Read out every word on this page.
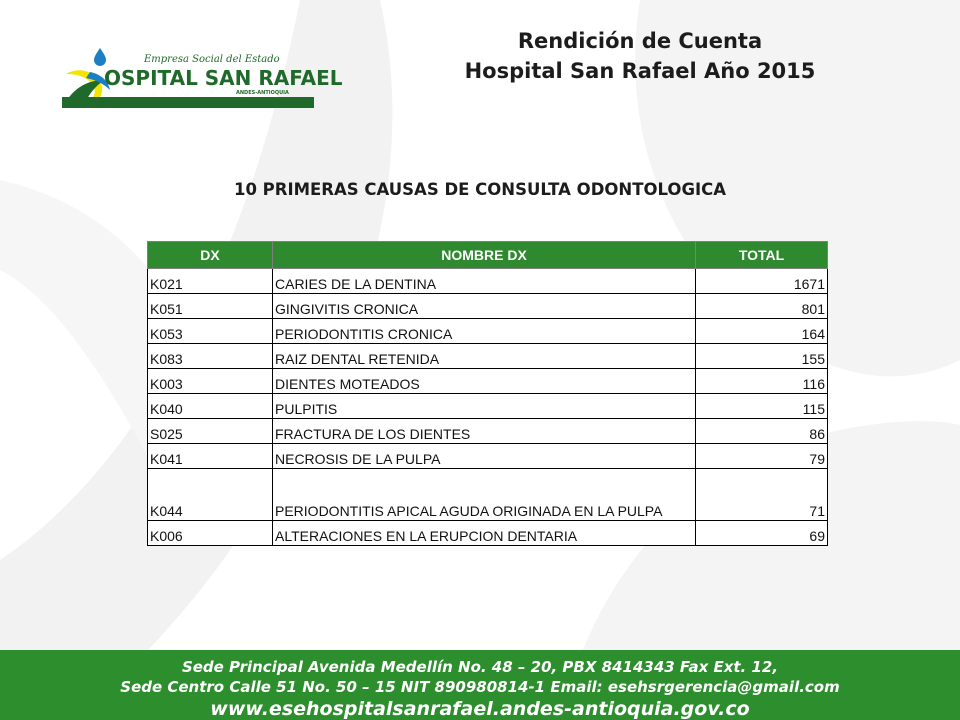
Empresa Social del Estado
OSPITAL SAN RAFAEL
ANDES-ANTIOQUIA
Rendición de Cuenta
Hospital San Rafael Año 2015
10 PRIMERAS CAUSAS DE CONSULTA ODONTOLOGICA
DX	NOMBRE DX	TOTAL
K021	CARIES DE LA DENTINA	1671
K051	GINGIVITIS CRONICA	801
K053	PERIODONTITIS CRONICA	164
K083	RAIZ DENTAL RETENIDA	155
K003	DIENTES MOTEADOS	116
K040	PULPITIS	115
S025	FRACTURA DE LOS DIENTES	86
K041	NECROSIS DE LA PULPA	79
K044	PERIODONTITIS APICAL AGUDA ORIGINADA EN LA PULPA	71
K006	ALTERACIONES EN LA ERUPCION DENTARIA	69
Sede Principal Avenida Medellín No. 48 – 20, PBX 8414343 Fax Ext. 12,
Sede Centro Calle 51 No. 50 – 15 NIT 890980814-1 Email: esehsrgerencia@gmail.com
www.esehospitalsanrafael.andes-antioquia.gov.co
